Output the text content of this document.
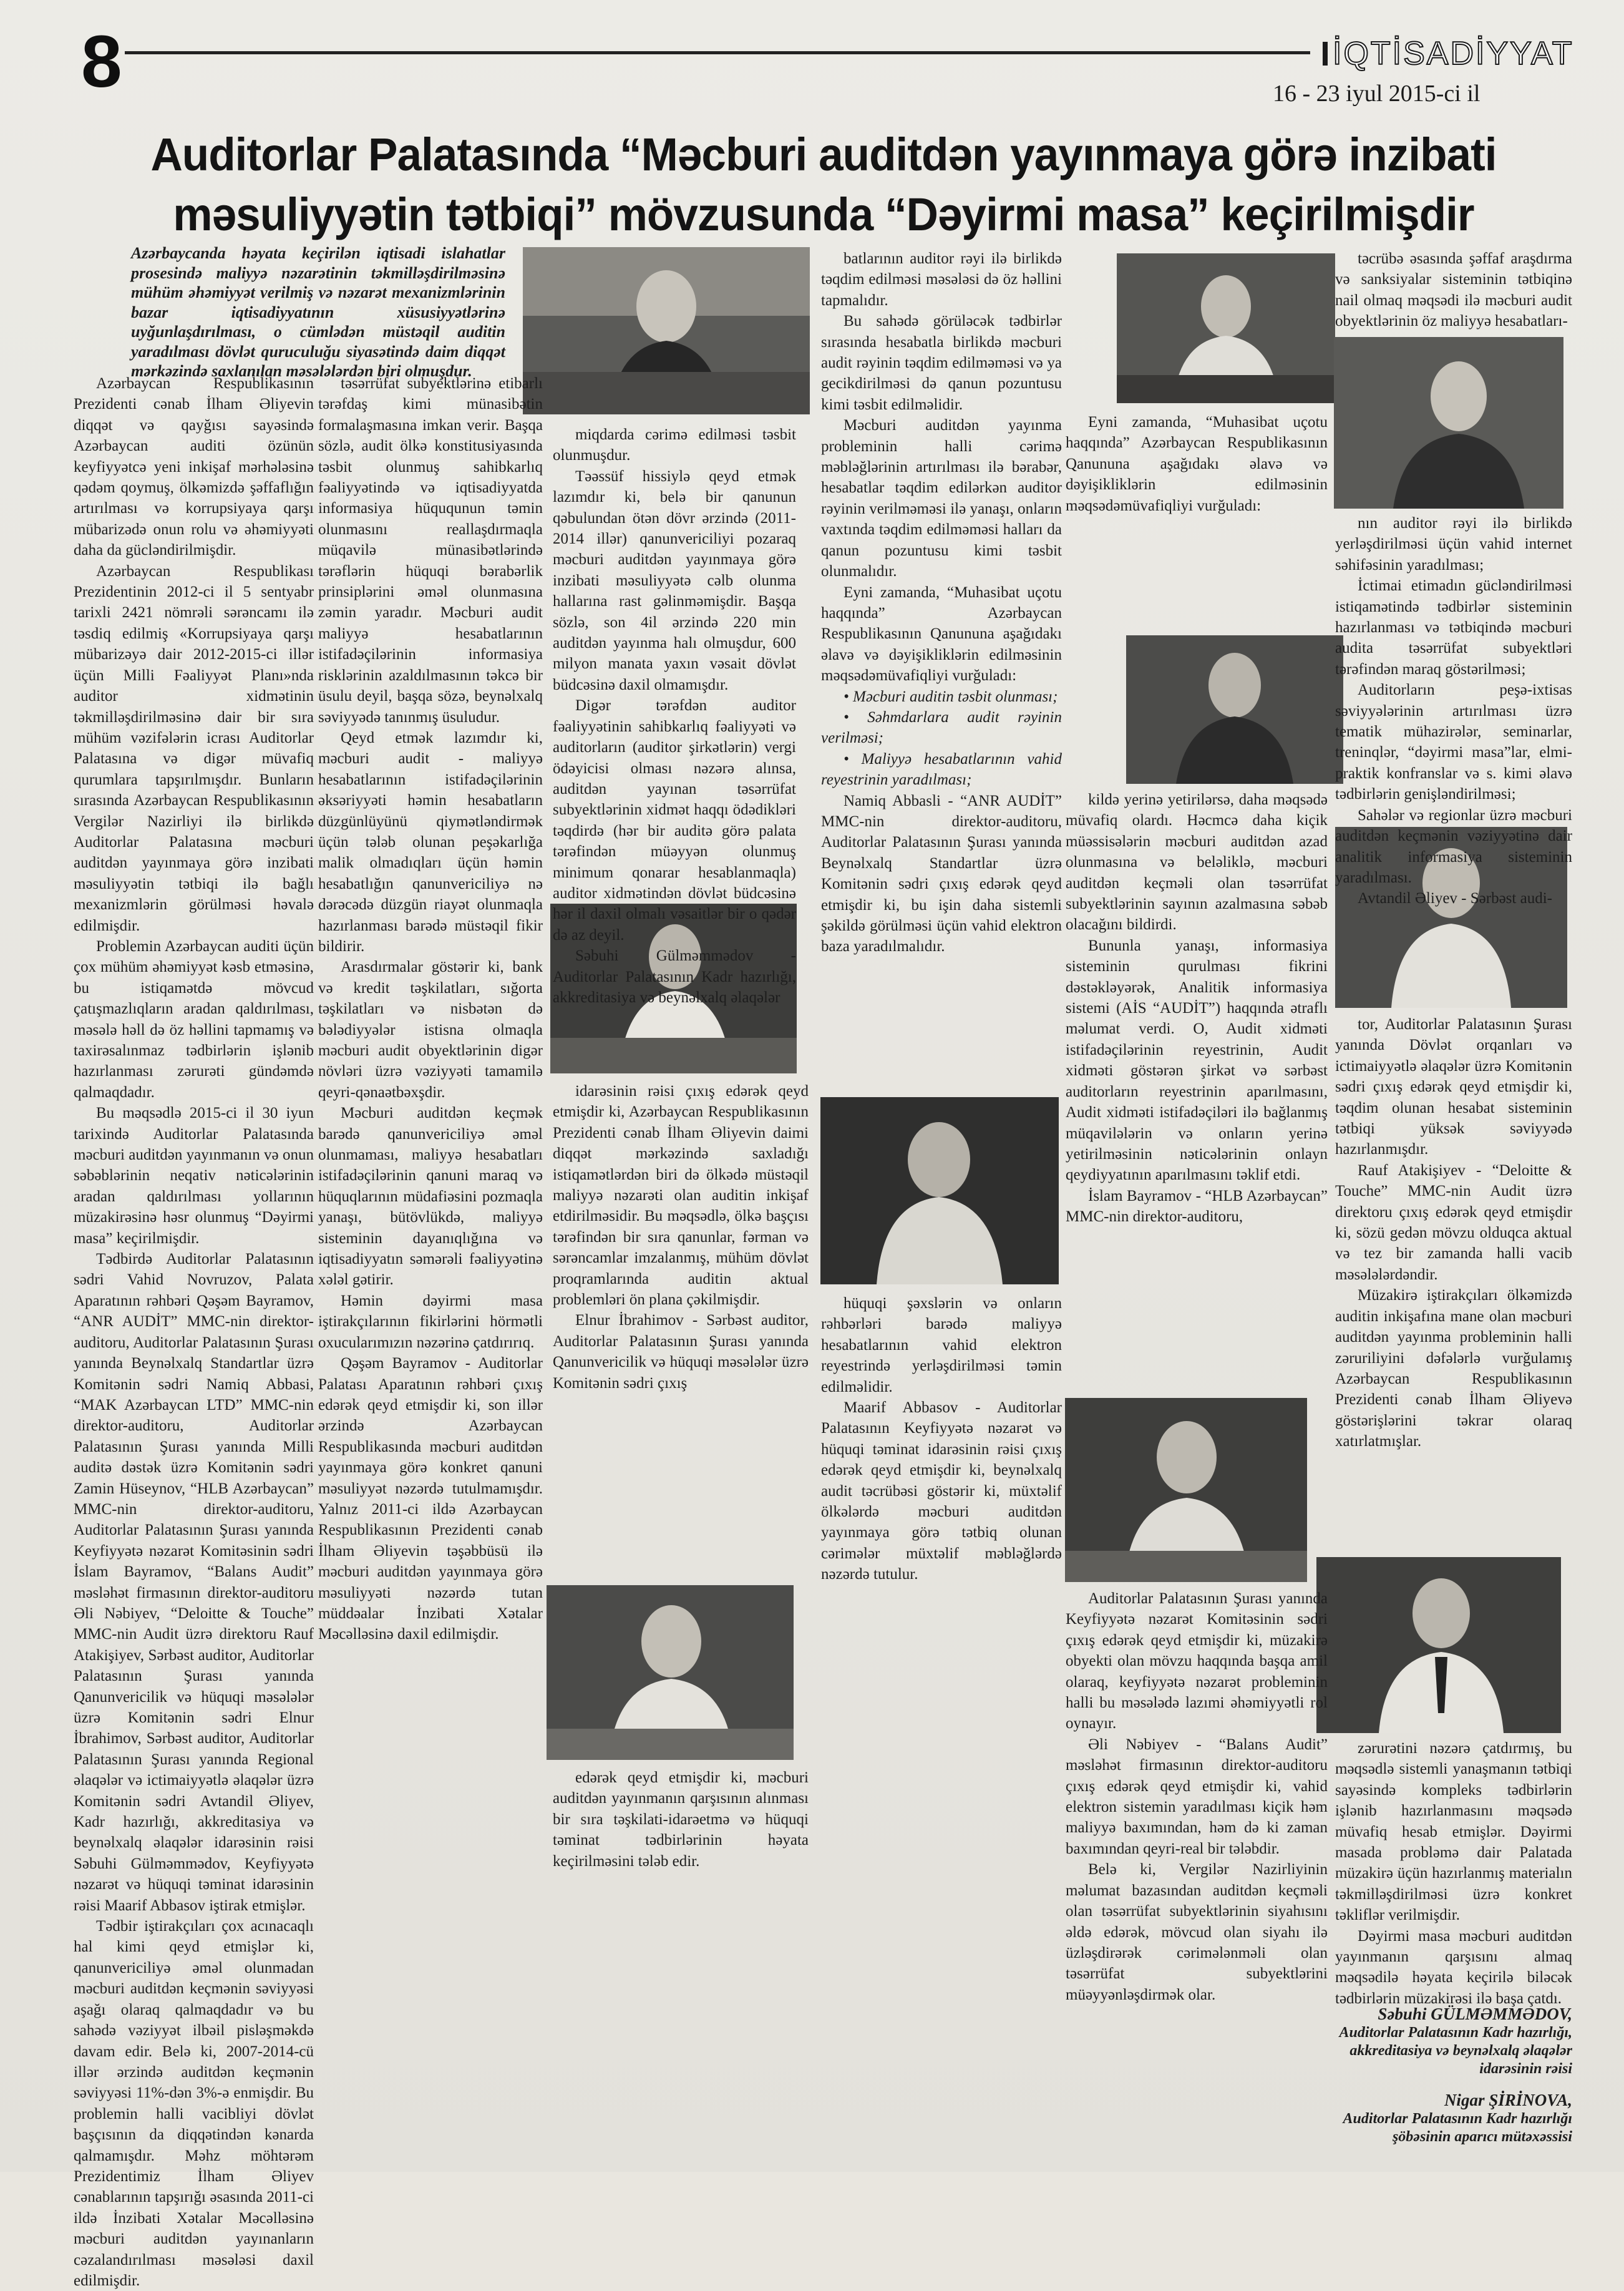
8	İQTİSADİYYAT
16 - 23 iyul 2015-ci il
Auditorlar Palatasında “Məcburi auditdən yayınmaya görə inzibati
məsuliyyətin tətbiqi” mövzusunda “Dəyirmi masa” keçirilmişdir
Azərbaycanda həyata keçirilən iqtisadi islahatlar prosesində maliyyə nəzarətinin təkmilləşdirilməsinə mühüm əhəmiyyət verilmiş və nəzarət mexanizmlərinin bazar iqtisadiyyatının xüsusiyyətlərinə uyğunlaşdırılması, o cümlədən müstəqil auditin yaradılması dövlət quruculuğu siyasətində daim diqqət mərkəzində saxlanılan məsələlərdən biri olmuşdur.

Azərbaycan Respublikasının Prezidenti cənab İlham Əliyevin diqqət və qayğısı sayəsində Azərbaycan auditi özünün keyfiyyətcə yeni inkişaf mərhələsinə qədəm qoymuş, ölkəmizdə şəffaflığın artırılması və korrupsiyaya qarşı mübarizədə onun rolu və əhəmiyyəti daha da gücləndirilmişdir.

Azərbaycan Respublikası Prezidentinin 2012-ci il 5 sentyabr tarixli 2421 nömrəli sərəncamı ilə təsdiq edilmiş «Korrupsiyaya qarşı mübarizəyə dair 2012-2015-ci illər üçün Milli Fəaliyyət Planı»nda auditor xidmətinin təkmilləşdirilməsinə dair bir sıra mühüm vəzifələrin icrası Auditorlar Palatasına və digər müvafiq qurumlara tapşırılmışdır. Bunların sırasında Azərbaycan Respublikasının Vergilər Nazirliyi ilə birlikdə Auditorlar Palatasına məcburi auditdən yayınmaya görə inzibati məsuliyyətin tətbiqi ilə bağlı mexanizmlərin görülməsi həvalə edilmişdir.

Problemin Azərbaycan auditi üçün çox mühüm əhəmiyyət kəsb etməsinə, bu istiqamətdə mövcud çatışmazlıqların aradan qaldırılması, məsələ həll də öz həllini tapmamış və taxirəsalınmaz tədbirlərin işlənib hazırlanması zərurəti gündəmdə qalmaqdadır.

Bu məqsədlə 2015-ci il 30 iyun tarixində Auditorlar Palatasında məcburi auditdən yayınmanın və onun səbəblərinin neqativ nəticələrinin aradan qaldırılması yollarının müzakirəsinə həsr olunmuş “Dəyirmi masa” keçirilmişdir.

Tədbirdə Auditorlar Palatasının sədri Vahid Novruzov, Palata Aparatının rəhbəri Qəşəm Bayramov, “ANR AUDİT” MMC-nin direktor-auditoru, Auditorlar Palatasının Şurası yanında Beynəlxalq Standartlar üzrə Komitənin sədri Namiq Abbasi, “MAK Azərbaycan LTD” MMC-nin direktor-auditoru, Auditorlar Palatasının Şurası yanında Milli auditə dəstək üzrə Komitənin sədri Zamin Hüseynov, “HLB Azərbaycan” MMC-nin direktor-auditoru, Auditorlar Palatasının Şurası yanında Keyfiyyətə nəzarət Komitəsinin sədri İslam Bayramov, “Balans Audit” məsləhət firmasının direktor-auditoru Əli Nəbiyev, “Deloitte & Touche” MMC-nin Audit üzrə direktoru Rauf Atakişiyev, Sərbəst auditor, Auditorlar Palatasının Şurası yanında Qanunvericilik və hüquqi məsələlər üzrə Komitənin sədri Elnur İbrahimov, Sərbəst auditor, Auditorlar Palatasının Şurası yanında Regional əlaqələr və ictimaiyyətlə əlaqələr üzrə Komitənin sədri Avtandil Əliyev, Kadr hazırlığı, akkreditasiya və beynəlxalq əlaqələr idarəsinin rəisi Səbuhi Gülməmmədov, Keyfiyyətə nəzarət və hüquqi təminat idarəsinin rəisi Maarif Abbasov iştirak etmişlər.

Tədbir iştirakçıları çox acınacaqlı hal kimi qeyd etmişlər ki, qanunvericiliyə əməl olunmadan məcburi auditdən keçmənin səviyyəsi aşağı olaraq qalmaqdadır və bu sahədə vəziyyət ilbəil pisləşməkdə davam edir. Belə ki, 2007-2014-cü illər ərzində auditdən keçmənin səviyyəsi 11%-dən 3%-ə enmişdir. Bu problemin halli vacibliyi dövlət başçısının da diqqətindən kənarda qalmamışdır. Məhz möhtərəm Prezidentimiz İlham Əliyev cənablarının tapşırığı əsasında 2011-ci ildə İnzibati Xətalar Məcəlləsinə məcburi auditdən yayınanların cəzalandırılması məsələsi daxil edilmişdir.

təsərrüfat subyektlərinə etibarlı tərəfdaş kimi münasibətin formalaşmasına imkan verir. Başqa sözlə, audit ölkə konstitusiyasında təsbit olunmuş sahibkarlıq fəaliyyətində və iqtisadiyyatda informasiya hüququnun təmin olunmasını reallaşdırmaqla müqavilə münasibətlərində tərəflərin hüquqi bərabərlik prinsiplərini əməl olunmasına zəmin yaradır. Məcburi audit maliyyə hesabatlarının istifadəçilərinin informasiya risklərinin azaldılmasının təkcə bir üsulu deyil, başqa sözə, beynəlxalq səviyyədə tanınmış üsuludur.

Qeyd etmək lazımdır ki, məcburi audit - maliyyə hesabatlarının istifadəçilərinin əksəriyyəti həmin hesabatların düzgünlüyünü qiymətləndirmək üçün tələb olunan peşəkarlığa malik olmadıqları üçün həmin hesabatlığın qanunvericiliyə nə dərəcədə düzgün riayət olunmaqla hazırlanması barədə müstəqil fikir bildirir.

Arasdırmalar göstərir ki, bank və kredit təşkilatları, sığorta təşkilatları və nisbətən də bələdiyyələr istisna olmaqla məcburi audit obyektlərinin digər növləri üzrə vəziyyəti tamamilə qeyri-qənaətbəxşdir.

Məcburi auditdən keçmək barədə qanunvericiliyə əməl olunmaması, maliyyə hesabatları istifadəçilərinin qanuni maraq və hüquqlarının müdafiəsini pozmaqla yanaşı, bütövlükdə, maliyyə sisteminin dayanıqlığına və iqtisadiyyatın səmərəli fəaliyyətinə xələl gətirir.

Həmin dəyirmi masa iştirakçılarının fikirlərini hörmətli oxucularımızın nəzərinə çatdırırıq.

Qəşəm Bayramov - Auditorlar Palatası Aparatının rəhbəri çıxış edərək qeyd etmişdir ki, son illər ərzində Azərbaycan Respublikasında məcburi auditdən yayınmaya görə konkret qanuni məsuliyyət nəzərdə tutulmamışdır. Yalnız 2011-ci ildə Azərbaycan Respublikasının Prezidenti cənab İlham Əliyevin təşəbbüsü ilə məcburi auditdən yayınmaya görə məsuliyyəti nəzərdə tutan müddəalar İnzibati Xətalar Məcəlləsinə daxil edilmişdir.

miqdarda cərimə edilməsi təsbit olunmuşdur.

Təəssüf hissiylə qeyd etmək lazımdır ki, belə bir qanunun qəbulundan ötən dövr ərzində (2011-2014 illər) qanunvericiliyi pozaraq məcburi auditdən yayınmaya görə inzibati məsuliyyətə cəlb olunma hallarına rast gəlinməmişdir. Başqa sözlə, son 4il ərzində 220 min auditdən yayınma halı olmuşdur, 600 milyon manata yaxın vəsait dövlət büdcəsinə daxil olmamışdır.

Digər tərəfdən auditor fəaliyyətinin sahibkarlıq fəaliyyəti və auditorların (auditor şirkətlərin) vergi ödəyicisi olması nəzərə alınsa, auditdən yayınan təsərrüfat subyektlərinin xidmət haqqı ödədikləri təqdirdə (hər bir auditə görə palata tərəfindən müəyyən olunmuş minimum qonarar hesablanmaqla) auditor xidmətindən dövlət büdcəsinə hər il daxil olmalı vəsaitlər bir o qədər də az deyil.

Səbuhi Gülməmmədov - Auditorlar Palatasının Kadr hazırlığı, akkreditasiya və beynəlxalq əlaqələr

idarəsinin rəisi çıxış edərək qeyd etmişdir ki, Azərbaycan Respublikasının Prezidenti cənab İlham Əliyevin daimi diqqət mərkəzində saxladığı istiqamətlərdən biri də ölkədə müstəqil maliyyə nəzarəti olan auditin inkişaf etdirilməsidir. Bu məqsədlə, ölkə başçısı tərəfindən bir sıra qanunlar, fərman və sərəncamlar imzalanmış, mühüm dövlət proqramlarında auditin aktual problemləri ön plana çəkilmişdir.

Elnur İbrahimov - Sərbəst auditor, Auditorlar Palatasının Şurası yanında Qanunvericilik və hüquqi məsələlər üzrə Komitənin sədri çıxış

edərək qeyd etmişdir ki, məcburi auditdən yayınmanın qarşısının alınması bir sıra təşkilati-idarəetmə və hüquqi təminat tədbirlərinin həyata keçirilməsini tələb edir.

batlarının auditor rəyi ilə birlikdə təqdim edilməsi məsələsi də öz həllini tapmalıdır.

Bu sahədə görüləcək tədbirlər sırasında hesabatla birlikdə məcburi audit rəyinin təqdim edilməməsi və ya gecikdirilməsi də qanun pozuntusu kimi təsbit edilməlidir.

Məcburi auditdən yayınma probleminin halli cərimə məbləğlərinin artırılması ilə bərabər, hesabatlar təqdim edilərkən auditor rəyinin verilməməsi ilə yanaşı, onların vaxtında təqdim edilməməsi halları da qanun pozuntusu kimi təsbit olunmalıdır.

Eyni zamanda, “Muhasibat uçotu haqqında” Azərbaycan Respublikasının Qanununa aşağıdakı əlavə və dəyişikliklərin edilməsinin məqsədəmüvafiqliyi vurğuladı:

• Məcburi auditin təsbit olunması;

• Səhmdarlara audit rəyinin verilməsi;

• Maliyyə hesabatlarının vahid reyestrinin yaradılması;

Namiq Abbasli - “ANR AUDİT” MMC-nin direktor-auditoru, Auditorlar Palatasının Şurası yanında Beynəlxalq Standartlar üzrə Komitənin sədri çıxış edərək qeyd etmişdir ki, bu işin daha sistemli şəkildə görülməsi üçün vahid elektron baza yaradılmalıdır.

hüquqi şəxslərin və onların rəhbərləri barədə maliyyə hesabatlarının vahid elektron reyestrində yerləşdirilməsi təmin edilməlidir.

Maarif Abbasov - Auditorlar Palatasının Keyfiyyətə nəzarət və hüquqi təminat idarəsinin rəisi çıxış edərək qeyd etmişdir ki, beynəlxalq audit təcrübəsi göstərir ki, müxtəlif ölkələrdə məcburi auditdən yayınmaya görə tətbiq olunan cərimələr müxtəlif məbləğlərdə nəzərdə tutulur.

Eyni zamanda, “Muhasibat uçotu haqqında” Azərbaycan Respublikasının Qanununa aşağıdakı əlavə və dəyişikliklərin edilməsinin məqsədəmüvafiqliyi vurğuladı:

kildə yerinə yetirilərsə, daha məqsədə müvafiq olardı. Həcmcə daha kiçik müəssisələrin məcburi auditdən azad olunmasına və beləliklə, məcburi auditdən keçməli olan təsərrüfat subyektlərinin sayının azalmasına səbəb olacağını bildirdi.

Bununla yanaşı, informasiya sisteminin qurulması fikrini dəstəkləyərək, Analitik informasiya sistemi (AİS “AUDİT”) haqqında ətraflı məlumat verdi. O, Audit xidməti istifadəçilərinin reyestrinin, Audit xidməti göstərən şirkət və sərbəst auditorların reyestrinin aparılmasını, Audit xidməti istifadəçiləri ilə bağlanmış müqavilələrin və onların yerinə yetirilməsinin nəticələrinin onlayn qeydiyyatının aparılmasını təklif etdi.

İslam Bayramov - “HLB Azərbaycan” MMC-nin direktor-auditoru,

Auditorlar Palatasının Şurası yanında Keyfiyyətə nəzarət Komitəsinin sədri çıxış edərək qeyd etmişdir ki, müzakirə obyekti olan mövzu haqqında başqa amil olaraq, keyfiyyətə nəzarət probleminin halli bu məsələdə lazımi əhəmiyyətli rol oynayır.

Əli Nəbiyev - “Balans Audit” məsləhət firmasının direktor-auditoru çıxış edərək qeyd etmişdir ki, vahid elektron sistemin yaradılması kiçik həm maliyyə baxımından, həm də ki zaman baxımından qeyri-real bir tələbdir.

Belə ki, Vergilər Nazirliyinin məlumat bazasından auditdən keçməli olan təsərrüfat subyektlərinin siyahısını əldə edərək, mövcud olan siyahı ilə üzləşdirərək cərimələnməli olan təsərrüfat subyektlərini müəyyənləşdirmək olar.

təcrübə əsasında şəffaf araşdırma və sanksiyalar sisteminin tətbiqinə nail olmaq məqsədi ilə məcburi audit obyektlərinin öz maliyyə hesabatları-

nın auditor rəyi ilə birlikdə yerləşdirilməsi üçün vahid internet səhifəsinin yaradılması;

İctimai etimadın gücləndirilməsi istiqamətində tədbirlər sisteminin hazırlanması və tətbiqində məcburi audita təsərrüfat subyektləri tərəfindən maraq göstərilməsi;

Auditorların peşə-ixtisas səviyyələrinin artırılması üzrə tematik mühazirələr, seminarlar, treninqlər, “dəyirmi masa”lar, elmi-praktik konfranslar və s. kimi əlavə tədbirlərin genişləndirilməsi;

Sahələr və regionlar üzrə məcburi auditdən keçmənin vəziyyətinə dair analitik informasiya sisteminin yaradılması.

Avtandil Əliyev - Sərbəst audi-

tor, Auditorlar Palatasının Şurası yanında Dövlət orqanları və ictimaiyyətlə əlaqələr üzrə Komitənin sədri çıxış edərək qeyd etmişdir ki, təqdim olunan hesabat sisteminin tətbiqi yüksək səviyyədə hazırlanmışdır.

Rauf Atakişiyev - “Deloitte & Touche” MMC-nin Audit üzrə direktoru çıxış edərək qeyd etmişdir ki, sözü gedən mövzu olduqca aktual və tez bir zamanda halli vacib məsələlərdəndir.

Müzakirə iştirakçıları ölkəmizdə auditin inkişafına mane olan məcburi auditdən yayınma probleminin halli zəruriliyini dəfələrlə vurğulamış Azərbaycan Respublikasının Prezidenti cənab İlham Əliyevə göstərişlərini təkrar olaraq xatırlatmışlar.

zərurətini nəzərə çatdırmış, bu məqsədlə sistemli yanaşmanın tətbiqi sayəsində kompleks tədbirlərin işlənib hazırlanmasını məqsədə müvafiq hesab etmişlər. Dəyirmi masada probləmə dair Palatada müzakirə üçün hazırlanmış materialın təkmilləşdirilməsi üzrə konkret təkliflər verilmişdir.

Dəyirmi masa məcburi auditdən yayınmanın qarşısını almaq məqsədilə həyata keçirilə biləcək tədbirlərin müzakirəsi ilə başa çatdı.

Səbuhi GÜLMƏMMƏDOV,
Auditorlar Palatasının Kadr hazırlığı, akkreditasiya və beynəlxalq əlaqələr idarəsinin rəisi
Nigar ŞİRİNOVA,
Auditorlar Palatasının Kadr hazırlığı şöbəsinin aparıcı mütəxəssisi
